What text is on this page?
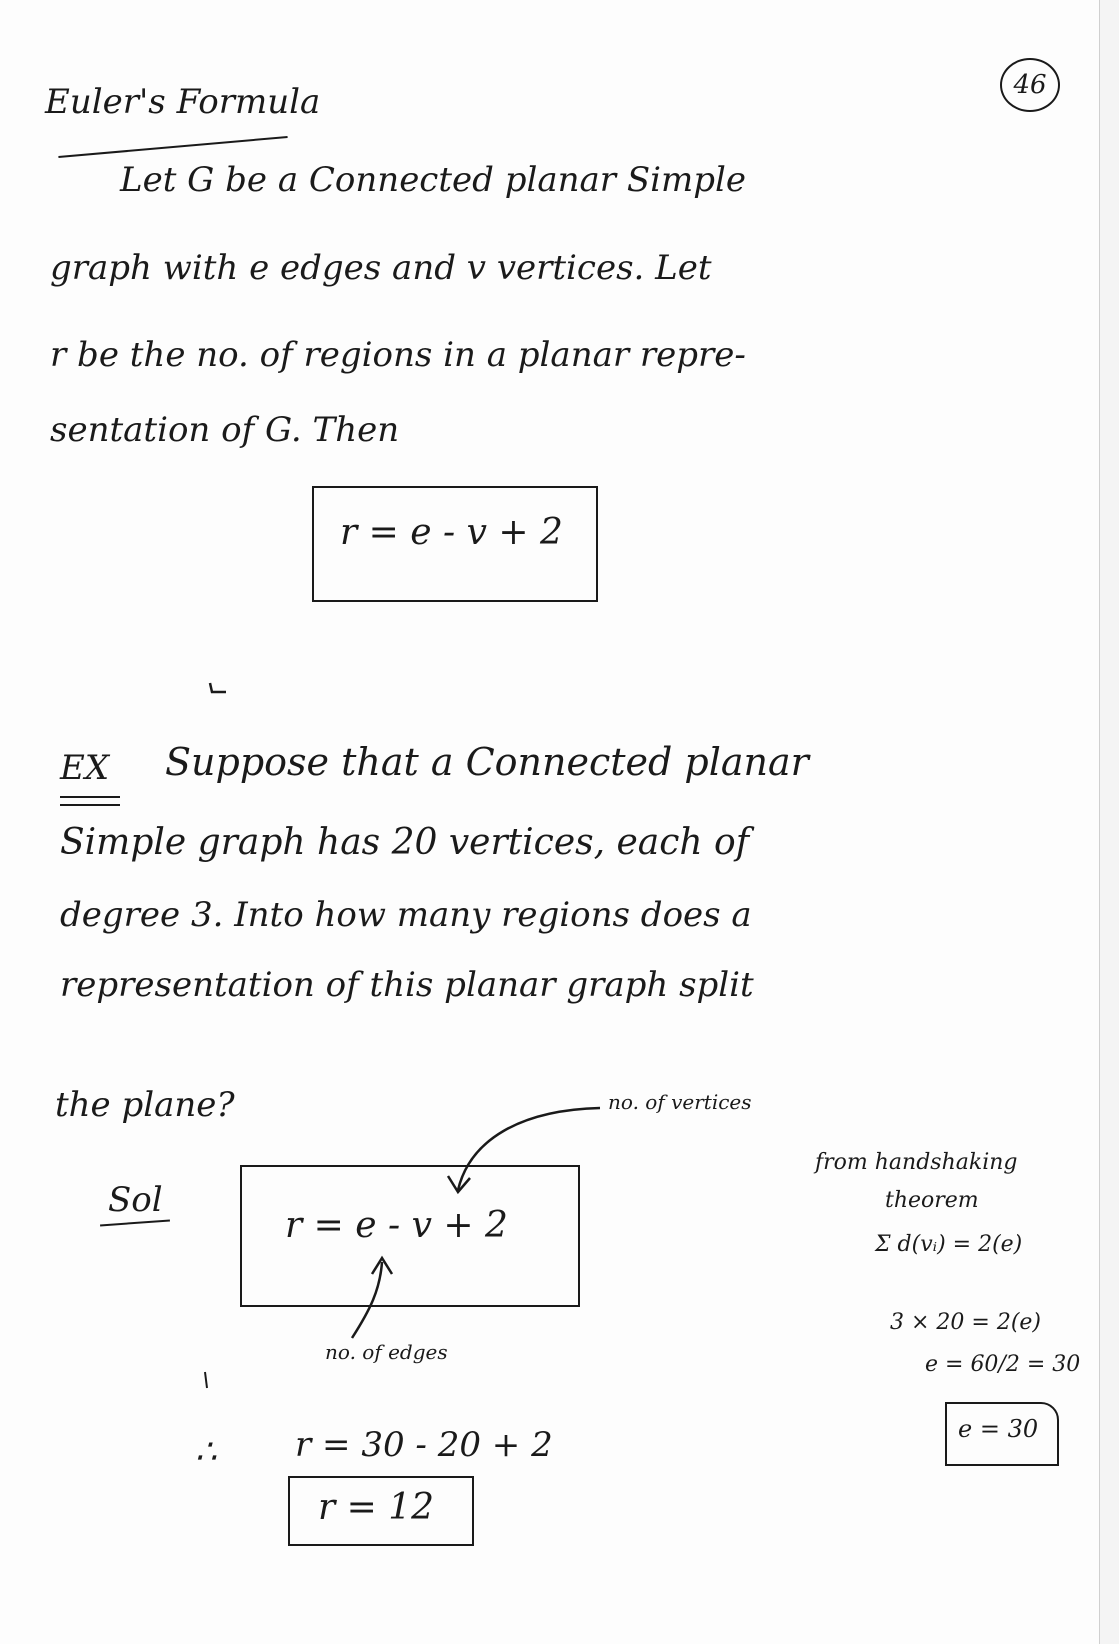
Euler's Formula	46
Let G be a Connected planar Simple
graph with e edges and v vertices. Let
r be the no. of regions in a planar repre-
sentation of G. Then
r = e - v + 2
EX Suppose that a Connected planar
Simple graph has 20 vertices, each of
degree 3. Into how many regions does a
representation of this planar graph split
the plane?
Sol
r = e - v + 2
no. of vertices
no. of edges
∴ r = 30 - 20 + 2
r = 12
from handshaking
theorem
Σ d(vᵢ) = 2(e)
3 × 20 = 2(e)
e = 60/2 = 30
e = 30
